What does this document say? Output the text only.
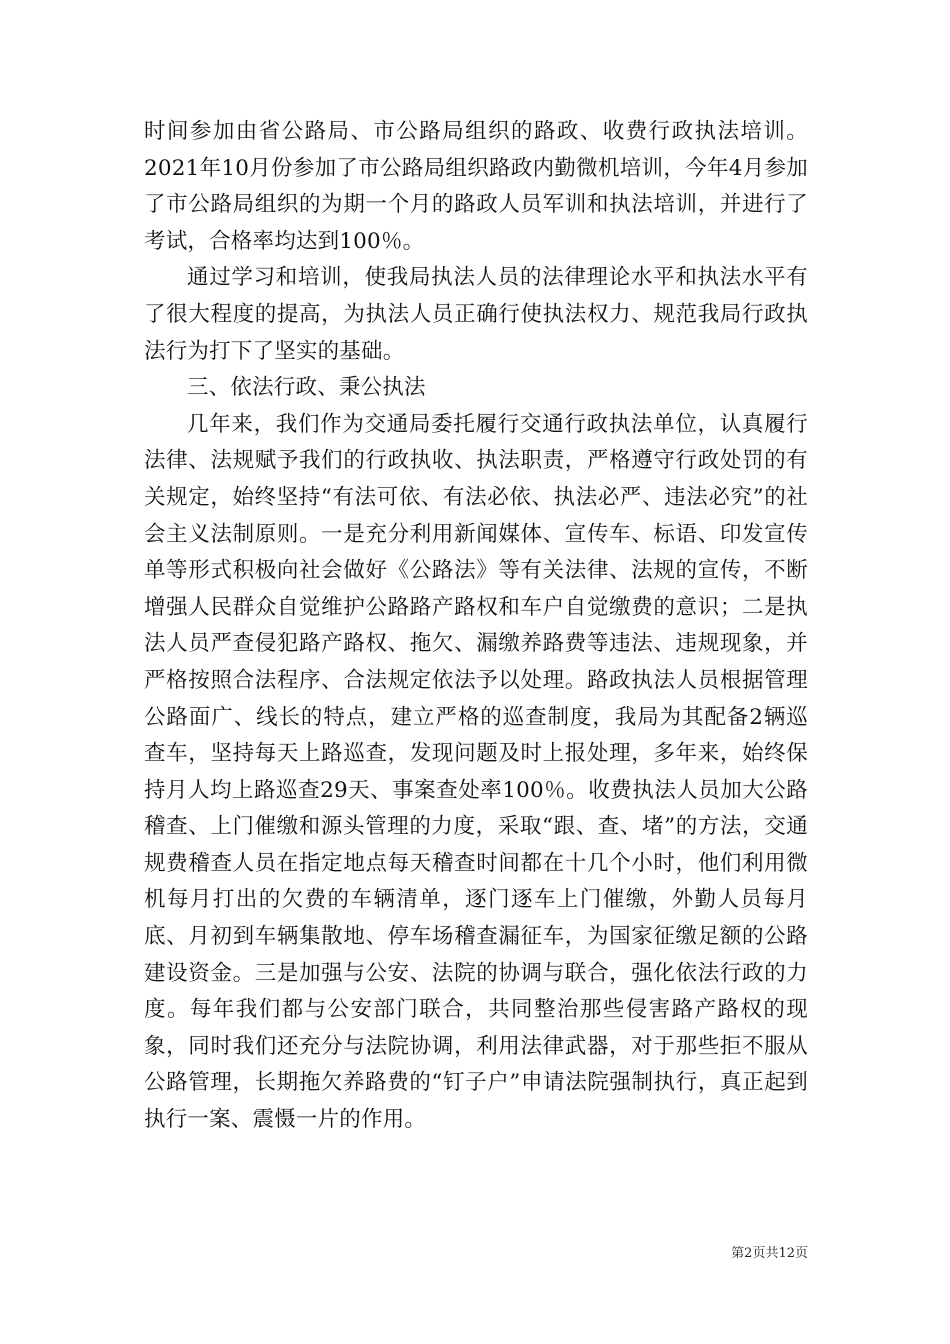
时间参加由省公路局、市公路局组织的路政、收费行政执法培训。2021年10月份参加了市公路局组织路政内勤微机培训，今年4月参加了市公路局组织的为期一个月的路政人员军训和执法培训，并进行了考试，合格率均达到100％。

通过学习和培训，使我局执法人员的法律理论水平和执法水平有了很大程度的提高，为执法人员正确行使执法权力、规范我局行政执法行为打下了坚实的基础。

三、依法行政、秉公执法

几年来，我们作为交通局委托履行交通行政执法单位，认真履行法律、法规赋予我们的行政执收、执法职责，严格遵守行政处罚的有关规定，始终坚持“有法可依、有法必依、执法必严、违法必究”的社会主义法制原则。一是充分利用新闻媒体、宣传车、标语、印发宣传单等形式积极向社会做好《公路法》等有关法律、法规的宣传，不断增强人民群众自觉维护公路路产路权和车户自觉缴费的意识；二是执法人员严查侵犯路产路权、拖欠、漏缴养路费等违法、违规现象，并严格按照合法程序、合法规定依法予以处理。路政执法人员根据管理公路面广、线长的特点，建立严格的巡查制度，我局为其配备2辆巡查车，坚持每天上路巡查，发现问题及时上报处理，多年来，始终保持月人均上路巡查29天、事案查处率100％。收费执法人员加大公路稽查、上门催缴和源头管理的力度，采取“跟、查、堵”的方法，交通规费稽查人员在指定地点每天稽查时间都在十几个小时，他们利用微机每月打出的欠费的车辆清单，逐门逐车上门催缴，外勤人员每月底、月初到车辆集散地、停车场稽查漏征车，为国家征缴足额的公路建设资金。三是加强与公安、法院的协调与联合，强化依法行政的力度。每年我们都与公安部门联合，共同整治那些侵害路产路权的现象，同时我们还充分与法院协调，利用法律武器，对于那些拒不服从公路管理，长期拖欠养路费的“钉子户”申请法院强制执行，真正起到执行一案、震慑一片的作用。

第2页共12页
